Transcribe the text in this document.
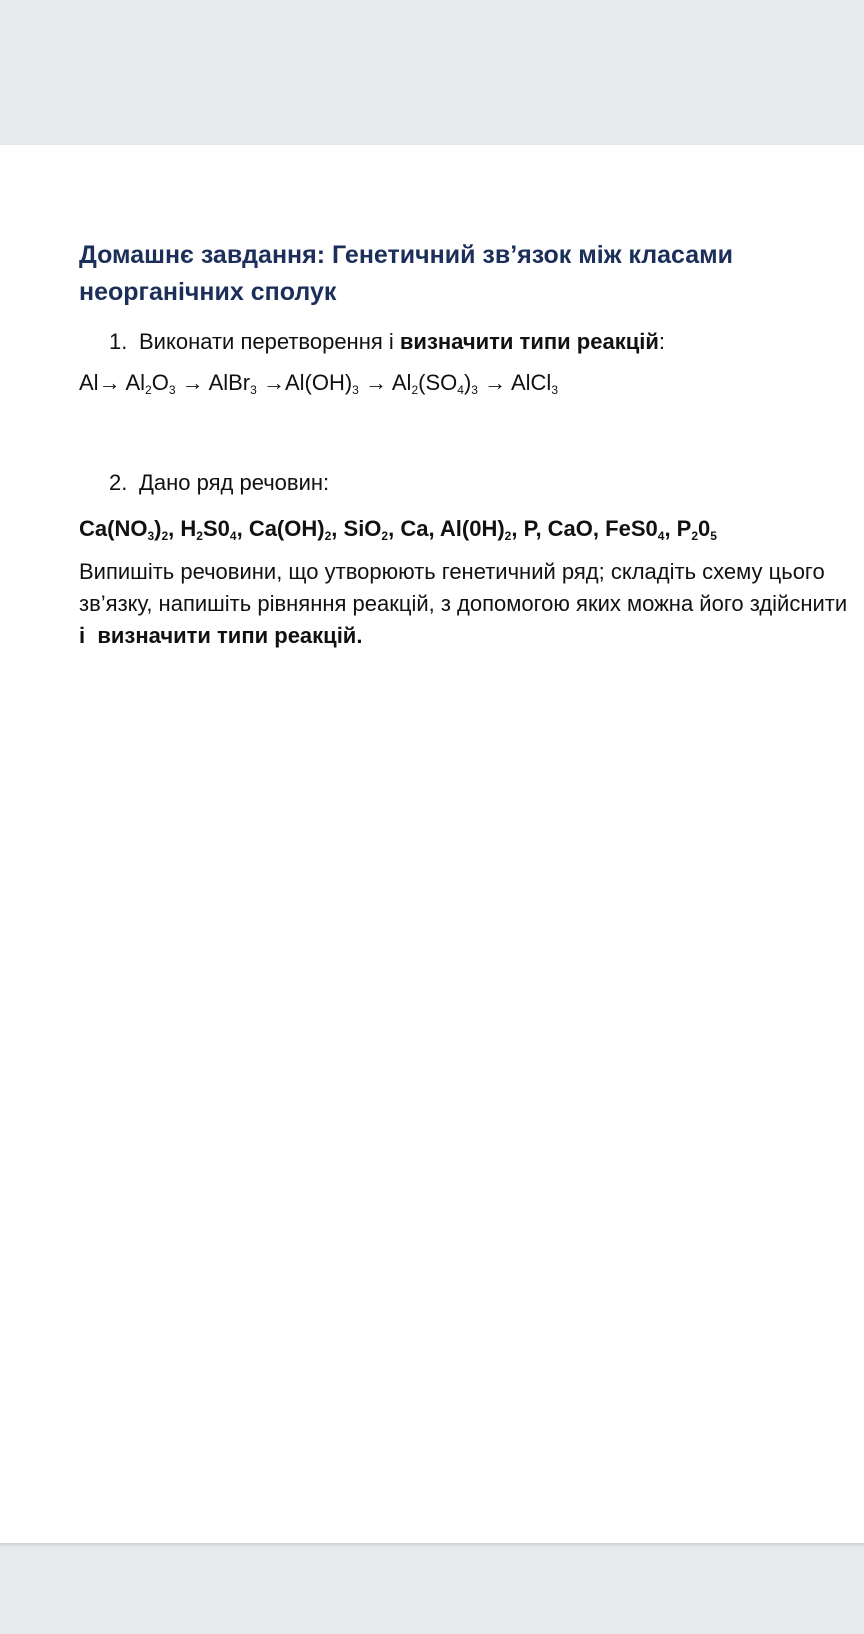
Домашнє завдання: Генетичний зв’язок між класами неорганічних сполук
1. Виконати перетворення і визначити типи реакцій:
$Al\to Al_2O_3$ → AlBr$_3$ $\to Al(OH)_3 \to Al_2(SO_4)_3$ → AlCl$_3$
2. Дано ряд речовин:
$Ca(NO_3)_2$, $H_2S0_4$, $Ca(OH)_2$, SiO$_2$, Ca, $Al(0H)_2$, P, CaO, $FeS0_4$, $P_20_5$

Випишіть речовини, що утворюють генетичний ряд; складіть схему цього зв’язку, напишіть рівняння реакцій, з допомогою яких можна його здійснити і визначити типи реакцій.
